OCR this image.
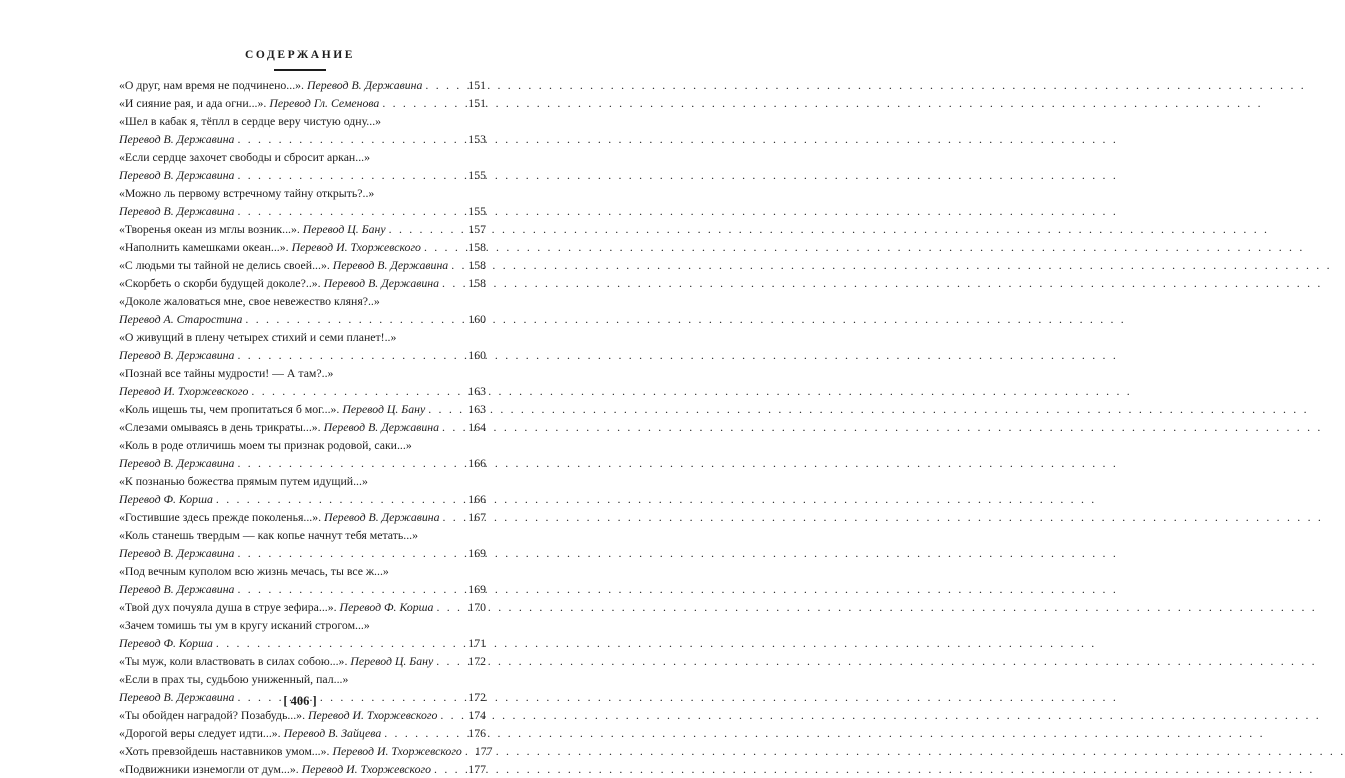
СОДЕРЖАНИЕ
«О друг, нам время не подчинено...». Перевод В. Державина . . .	151
«И сияние рая, и ада огни...». Перевод Гл. Семенова . . .	151
«Шел в кабак я, тёплл в сердце веру чистую одну...»
Перевод В. Державина . . .	153
«Если сердце захочет свободы и сбросит аркан...»
Перевод В. Державина . . .	155
«Можно ль первому встречному тайну открыть?..»
Перевод В. Державина . . .	155
«Творенья океан из мглы возник...». Перевод Ц. Бану . . .	157
«Наполнить камешками океан...». Перевод И. Тхоржевского . . .	158
«С людьми ты тайной не делись своей...». Перевод В. Державина . . . 158
«Скорбеть о скорби будущей доколе?..». Перевод В. Державина . . . 158
«Доколе жаловаться мне, свое невежество кляня?..»
Перевод А. Старостина . . .	160
«О живущий в плену четырех стихий и семи планет!..»
Перевод В. Державина . . .	160
«Познай все тайны мудрости! — А там?..»
Перевод И. Тхоржевского . . .	163
«Коль ищешь ты, чем пропитаться б мог...». Перевод Ц. Бану . . .	163
«Слезами омываясь в день трикраты...». Перевод В. Державина . . . 164
«Коль в роде отличишь моем ты признак родовой, саки...»
Перевод В. Державина . . .	166
«К познанью божества прямым путем идущий...»
Перевод Ф. Корша . . .	166
«Гостившие здесь прежде поколенья...». Перевод В. Державина . . . 167
«Коль станешь твердым — как копье начнут тебя метать...»
Перевод В. Державина . . .	169
«Под вечным куполом всю жизнь мечась, ты все ж...»
Перевод В. Державина . . .	169
«Твой дух почуяла душа в струе зефира...». Перевод Ф. Корша . . .	170
«Зачем томишь ты ум в кругу исканий строгом...»
Перевод Ф. Корша . . .	171
«Ты муж, коли властвовать в силах собою...». Перевод Ц. Бану . . .	172
«Если в прах ты, судьбою униженный, пал...»
Перевод В. Державина . . .	172
«Ты обойден наградой? Позабудь...». Перевод И. Тхоржевского . . .	174
«Дорогой веры следует идти...». Перевод В. Зайцева . . .	176
«Хоть превзойдешь наставников умом...». Перевод И. Тхоржевского . . . 177
«Подвижники изнемогли от дум...». Перевод И. Тхоржевского . . .	177
[ 406 ]
